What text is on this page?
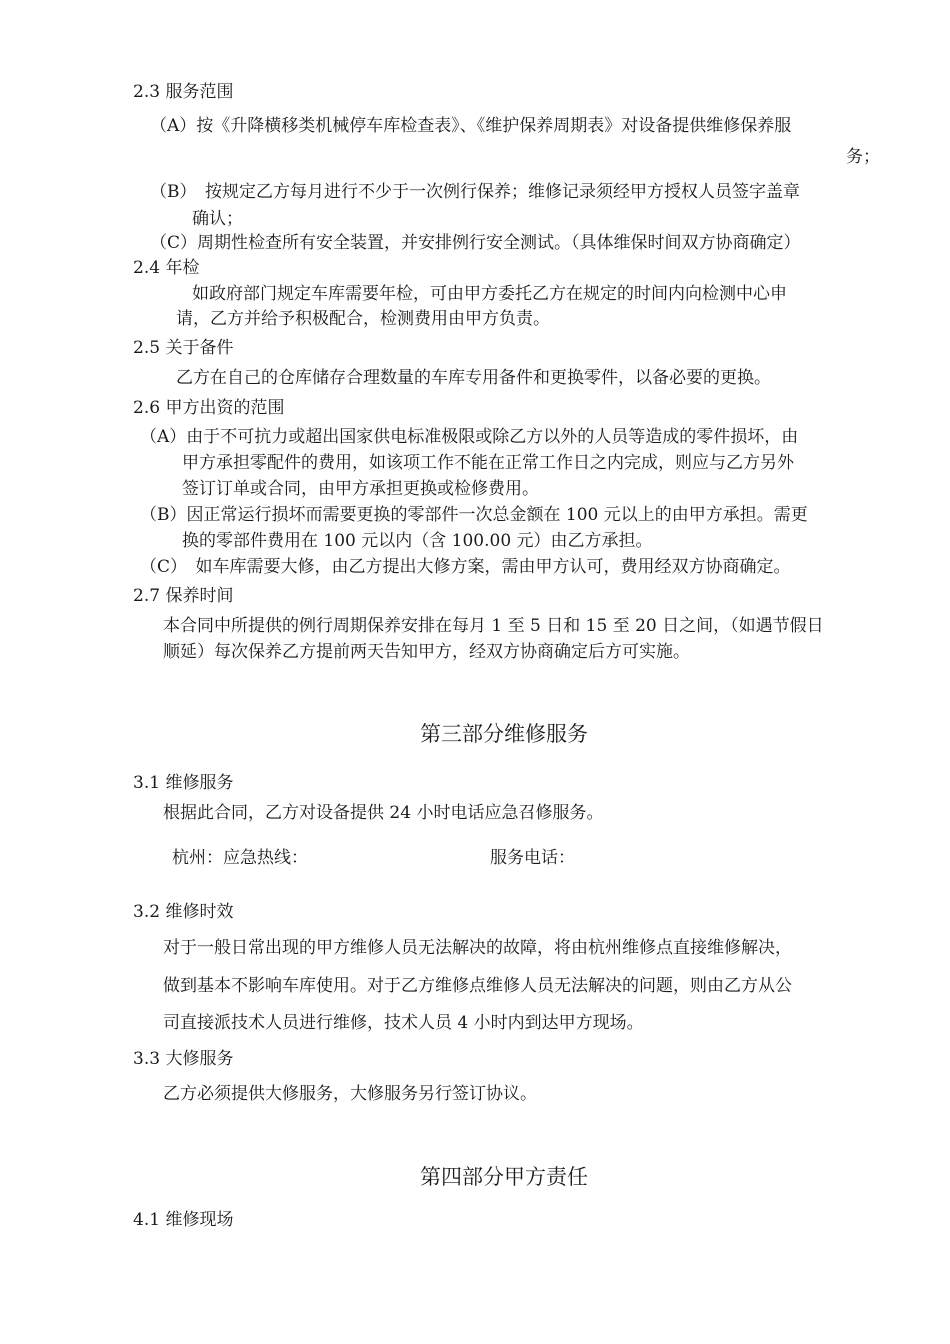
2.3 服务范围
（A）按《升降横移类机械停车库检查表》、《维护保养周期表》对设备提供维修保养服
务；
（B）　按规定乙方每月进行不少于一次例行保养；维修记录须经甲方授权人员签字盖章
确认；
（C）周期性检查所有安全装置，并安排例行安全测试。（具体维保时间双方协商确定）
2.4 年检
如政府部门规定车库需要年检，可由甲方委托乙方在规定的时间内向检测中心申
请，乙方并给予积极配合，检测费用由甲方负责。
2.5 关于备件
乙方在自己的仓库储存合理数量的车库专用备件和更换零件，以备必要的更换。
2.6 甲方出资的范围
（A）由于不可抗力或超出国家供电标准极限或除乙方以外的人员等造成的零件损坏，由
甲方承担零配件的费用，如该项工作不能在正常工作日之内完成，则应与乙方另外
签订订单或合同，由甲方承担更换或检修费用。
（B）因正常运行损坏而需要更换的零部件一次总金额在 100 元以上的由甲方承担。需更
换的零部件费用在 100 元以内（含 100.00 元）由乙方承担。
（C）　如车库需要大修，由乙方提出大修方案，需由甲方认可，费用经双方协商确定。
2.7 保养时间
本合同中所提供的例行周期保养安排在每月 1 至 5 日和 15 至 20 日之间，（如遇节假日
顺延）每次保养乙方提前两天告知甲方，经双方协商确定后方可实施。
第三部分维修服务
3.1 维修服务
根据此合同，乙方对设备提供 24 小时电话应急召修服务。
杭州：应急热线：	服务电话：
3.2 维修时效
对于一般日常出现的甲方维修人员无法解决的故障，将由杭州维修点直接维修解决，
做到基本不影响车库使用。对于乙方维修点维修人员无法解决的问题，则由乙方从公
司直接派技术人员进行维修，技术人员 4 小时内到达甲方现场。
3.3 大修服务
乙方必须提供大修服务，大修服务另行签订协议。
第四部分甲方责任
4.1 维修现场
